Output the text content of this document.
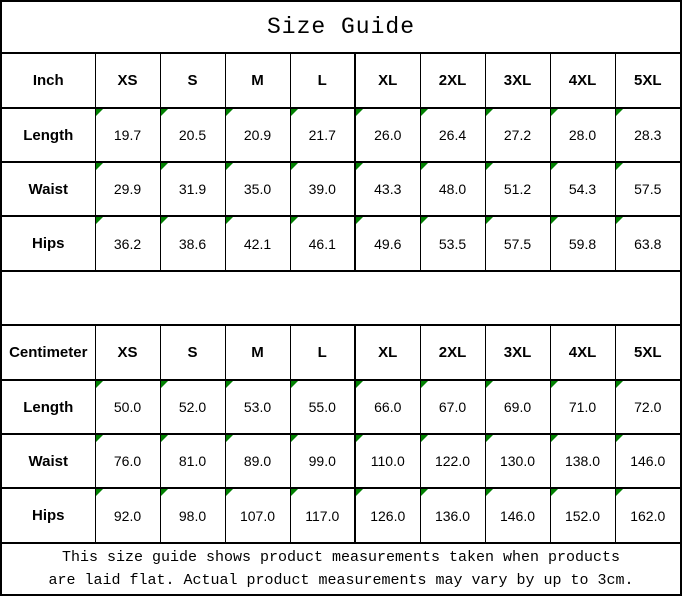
Size Guide
Inch	XS	S	M	L	XL	2XL	3XL	4XL	5XL
Length	19.7	20.5	20.9	21.7	26.0	26.4	27.2	28.0	28.3
Waist	29.9	31.9	35.0	39.0	43.3	48.0	51.2	54.3	57.5
Hips	36.2	38.6	42.1	46.1	49.6	53.5	57.5	59.8	63.8
Centimeter	XS	S	M	L	XL	2XL	3XL	4XL	5XL
Length	50.0	52.0	53.0	55.0	66.0	67.0	69.0	71.0	72.0
Waist	76.0	81.0	89.0	99.0	110.0	122.0	130.0	138.0	146.0
Hips	92.0	98.0	107.0	117.0	126.0	136.0	146.0	152.0	162.0
This size guide shows product measurements taken when products
are laid flat. Actual product measurements may vary by up to 3cm.
